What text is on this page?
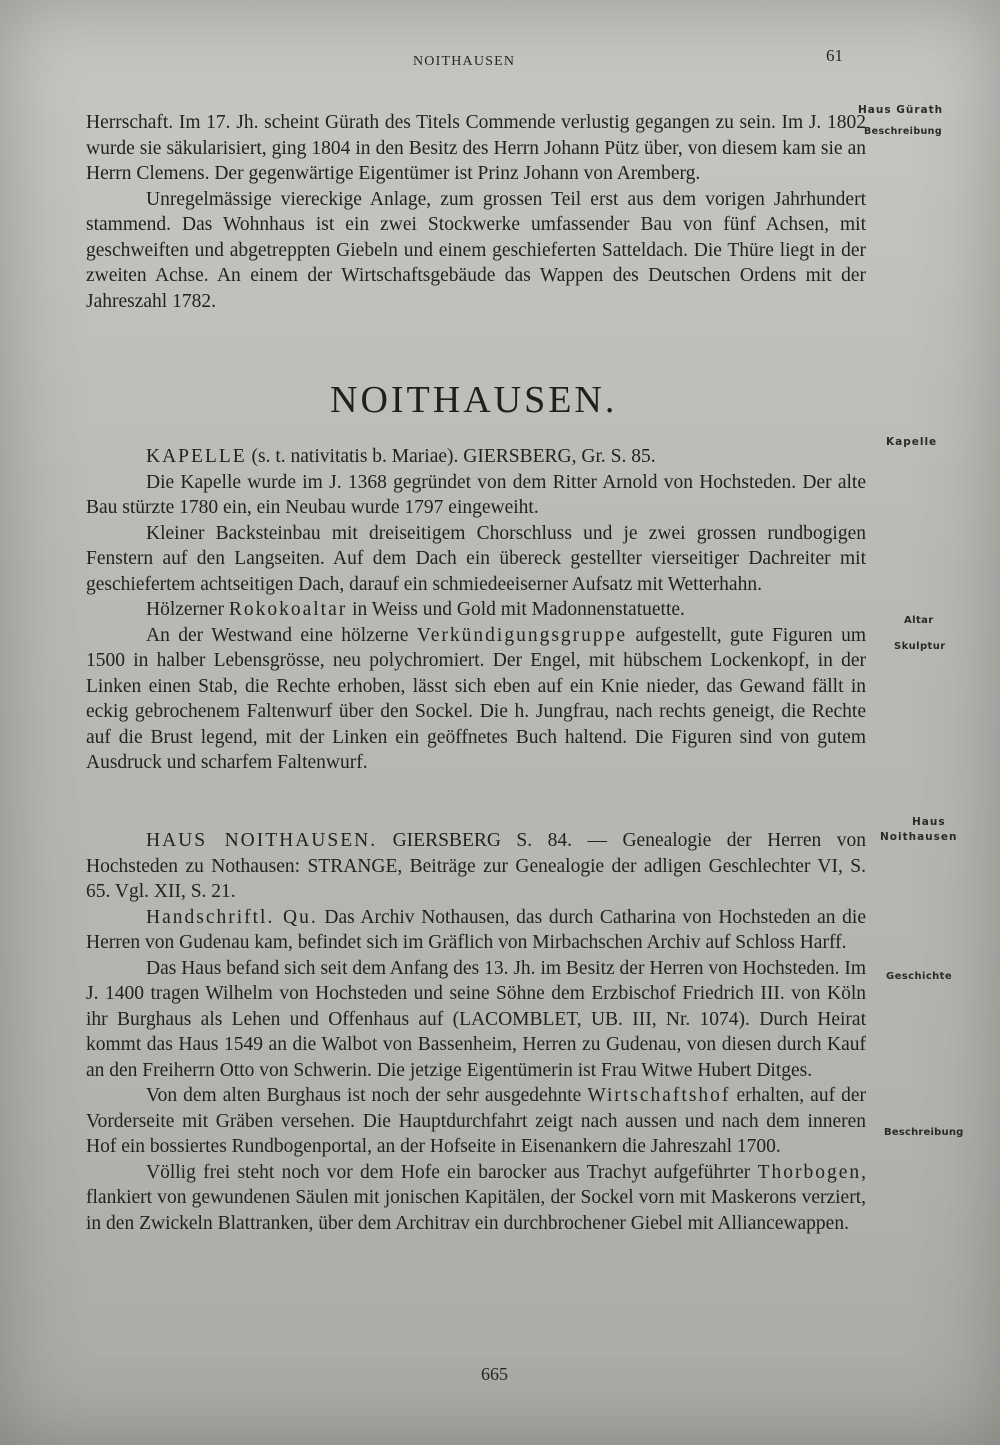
NOITHAUSEN	61
Haus Gürath
Beschreibung
Kapelle
Altar
Skulptur
Haus
Noithausen
Geschichte
Beschreibung

Herrschaft. Im 17. Jh. scheint Gürath des Titels Commende verlustig gegangen zu sein. Im J. 1802 wurde sie säkularisiert, ging 1804 in den Besitz des Herrn Johann Pütz über, von diesem kam sie an Herrn Clemens. Der gegenwärtige Eigentümer ist Prinz Johann von Aremberg.

Unregelmässige viereckige Anlage, zum grossen Teil erst aus dem vorigen Jahrhundert stammend. Das Wohnhaus ist ein zwei Stockwerke umfassender Bau von fünf Achsen, mit geschweiften und abgetreppten Giebeln und einem geschieferten Satteldach. Die Thüre liegt in der zweiten Achse. An einem der Wirtschaftsgebäude das Wappen des Deutschen Ordens mit der Jahreszahl 1782.

NOITHAUSEN.

KAPELLE (s. t. nativitatis b. Mariae). GIERSBERG, Gr. S. 85.

Die Kapelle wurde im J. 1368 gegründet von dem Ritter Arnold von Hochsteden. Der alte Bau stürzte 1780 ein, ein Neubau wurde 1797 eingeweiht.

Kleiner Backsteinbau mit dreiseitigem Chorschluss und je zwei grossen rundbogigen Fenstern auf den Langseiten. Auf dem Dach ein übereck gestellter vierseitiger Dachreiter mit geschiefertem achtseitigen Dach, darauf ein schmiedeeiserner Aufsatz mit Wetterhahn.

Hölzerner Rokokoaltar in Weiss und Gold mit Madonnenstatuette.

An der Westwand eine hölzerne Verkündigungsgruppe aufgestellt, gute Figuren um 1500 in halber Lebensgrösse, neu polychromiert. Der Engel, mit hübschem Lockenkopf, in der Linken einen Stab, die Rechte erhoben, lässt sich eben auf ein Knie nieder, das Gewand fällt in eckig gebrochenem Faltenwurf über den Sockel. Die h. Jungfrau, nach rechts geneigt, die Rechte auf die Brust legend, mit der Linken ein geöffnetes Buch haltend. Die Figuren sind von gutem Ausdruck und scharfem Faltenwurf.

HAUS NOITHAUSEN. GIERSBERG S. 84. — Genealogie der Herren von Hochsteden zu Nothausen: STRANGE, Beiträge zur Genealogie der adligen Geschlechter VI, S. 65. Vgl. XII, S. 21.

Handschriftl. Qu. Das Archiv Nothausen, das durch Catharina von Hochsteden an die Herren von Gudenau kam, befindet sich im Gräflich von Mirbachschen Archiv auf Schloss Harff.

Das Haus befand sich seit dem Anfang des 13. Jh. im Besitz der Herren von Hochsteden. Im J. 1400 tragen Wilhelm von Hochsteden und seine Söhne dem Erzbischof Friedrich III. von Köln ihr Burghaus als Lehen und Offenhaus auf (LACOMBLET, UB. III, Nr. 1074). Durch Heirat kommt das Haus 1549 an die Walbot von Bassenheim, Herren zu Gudenau, von diesen durch Kauf an den Freiherrn Otto von Schwerin. Die jetzige Eigentümerin ist Frau Witwe Hubert Ditges.

Von dem alten Burghaus ist noch der sehr ausgedehnte Wirtschaftshof erhalten, auf der Vorderseite mit Gräben versehen. Die Hauptdurchfahrt zeigt nach aussen und nach dem inneren Hof ein bossiertes Rundbogenportal, an der Hofseite in Eisenankern die Jahreszahl 1700.

Völlig frei steht noch vor dem Hofe ein barocker aus Trachyt aufgeführter Thorbogen, flankiert von gewundenen Säulen mit jonischen Kapitälen, der Sockel vorn mit Maskerons verziert, in den Zwickeln Blattranken, über dem Architrav ein durchbrochener Giebel mit Alliancewappen.

665
